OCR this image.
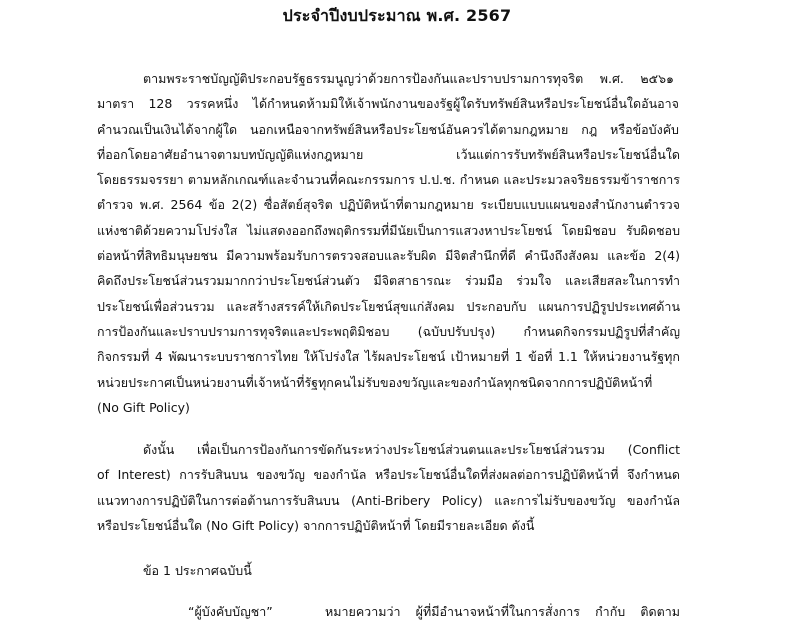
ประจำปีงบประมาณ พ.ศ. 2567
ตามพระราชบัญญัติประกอบรัฐธรรมนูญว่าด้วยการป้องกันและปราบปรามการทุจริต พ.ศ. ๒๕๖๑
มาตรา 128 วรรคหนึ่ง ได้กำหนดห้ามมิให้เจ้าพนักงานของรัฐผู้ใดรับทรัพย์สินหรือประโยชน์อื่นใดอันอาจ
คำนวณเป็นเงินได้จากผู้ใด นอกเหนือจากทรัพย์สินหรือประโยชน์อันควรได้ตามกฎหมาย กฎ หรือข้อบังคับ
ที่ออกโดยอาศัยอำนาจตามบทบัญญัติแห่งกฎหมาย เว้นแต่การรับทรัพย์สินหรือประโยชน์อื่นใด
โดยธรรมจรรยา ตามหลักเกณฑ์และจำนวนที่คณะกรรมการ ป.ป.ช. กำหนด และประมวลจริยธรรมข้าราชการ
ตำรวจ พ.ศ. 2564 ข้อ 2(2) ซื่อสัตย์สุจริต ปฏิบัติหน้าที่ตามกฎหมาย ระเบียบแบบแผนของสำนักงานตำรวจ
แห่งชาติด้วยความโปร่งใส ไม่แสดงออกถึงพฤติกรรมที่มีนัยเป็นการแสวงหาประโยชน์ โดยมิชอบ รับผิดชอบ
ต่อหน้าที่สิทธิมนุษยชน มีความพร้อมรับการตรวจสอบและรับผิด มีจิตสำนึกที่ดี คำนึงถึงสังคม และข้อ 2(4)
คิดถึงประโยชน์ส่วนรวมมากกว่าประโยชน์ส่วนตัว มีจิตสาธารณะ ร่วมมือ ร่วมใจ และเสียสละในการทำ
ประโยชน์เพื่อส่วนรวม และสร้างสรรค์ให้เกิดประโยชน์สุขแก่สังคม ประกอบกับ แผนการปฏิรูปประเทศด้าน
การป้องกันและปราบปรามการทุจริตและประพฤติมิชอบ (ฉบับปรับปรุง) กำหนดกิจกรรมปฏิรูปที่สำคัญ
กิจกรรมที่ 4 พัฒนาระบบราชการไทย ให้โปร่งใส ไร้ผลประโยชน์ เป้าหมายที่ 1 ข้อที่ 1.1 ให้หน่วยงานรัฐทุก
หน่วยประกาศเป็นหน่วยงานที่เจ้าหน้าที่รัฐทุกคนไม่รับของขวัญและของกำนัลทุกชนิดจากการปฏิบัติหน้าที่
(No Gift Policy)
ดังนั้น เพื่อเป็นการป้องกันการขัดกันระหว่างประโยชน์ส่วนตนและประโยชน์ส่วนรวม (Conflict
of Interest) การรับสินบน ของขวัญ ของกำนัล หรือประโยชน์อื่นใดที่ส่งผลต่อการปฏิบัติหน้าที่ จึงกำหนด
แนวทางการปฏิบัติในการต่อต้านการรับสินบน (Anti-Bribery Policy) และการไม่รับของขวัญ ของกำนัล
หรือประโยชน์อื่นใด (No Gift Policy) จากการปฏิบัติหน้าที่ โดยมีรายละเอียด ดังนี้
ข้อ 1 ประกาศฉบับนี้
“ผู้บังคับบัญชา”	หมายความว่า ผู้ที่มีอำนาจหน้าที่ในการสั่งการ กำกับ ติดตาม
